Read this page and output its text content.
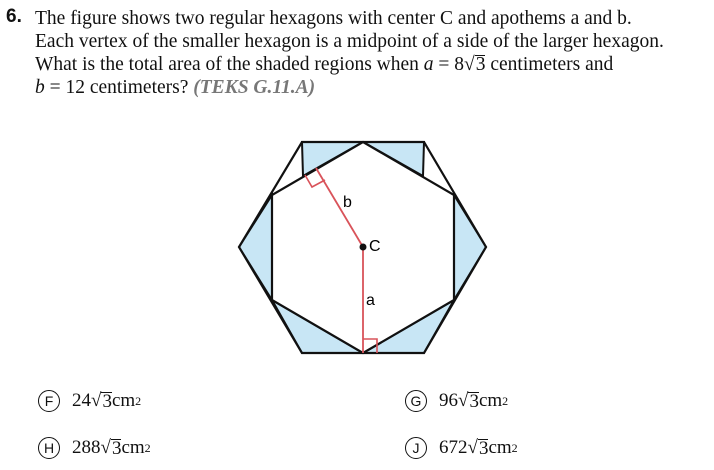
6. The figure shows two regular hexagons with center C and apothems a and b.
Each vertex of the smaller hexagon is a midpoint of a side of the larger hexagon.
What is the total area of the shaded regions when a = 8√3 centimeters and
b = 12 centimeters? (TEKS G.11.A)
b
C
a
F 24 √ 3 cm 2	G 96 √ 3 cm 2
H 288 √ 3 cm 2	J	672 √ 3 cm 2
